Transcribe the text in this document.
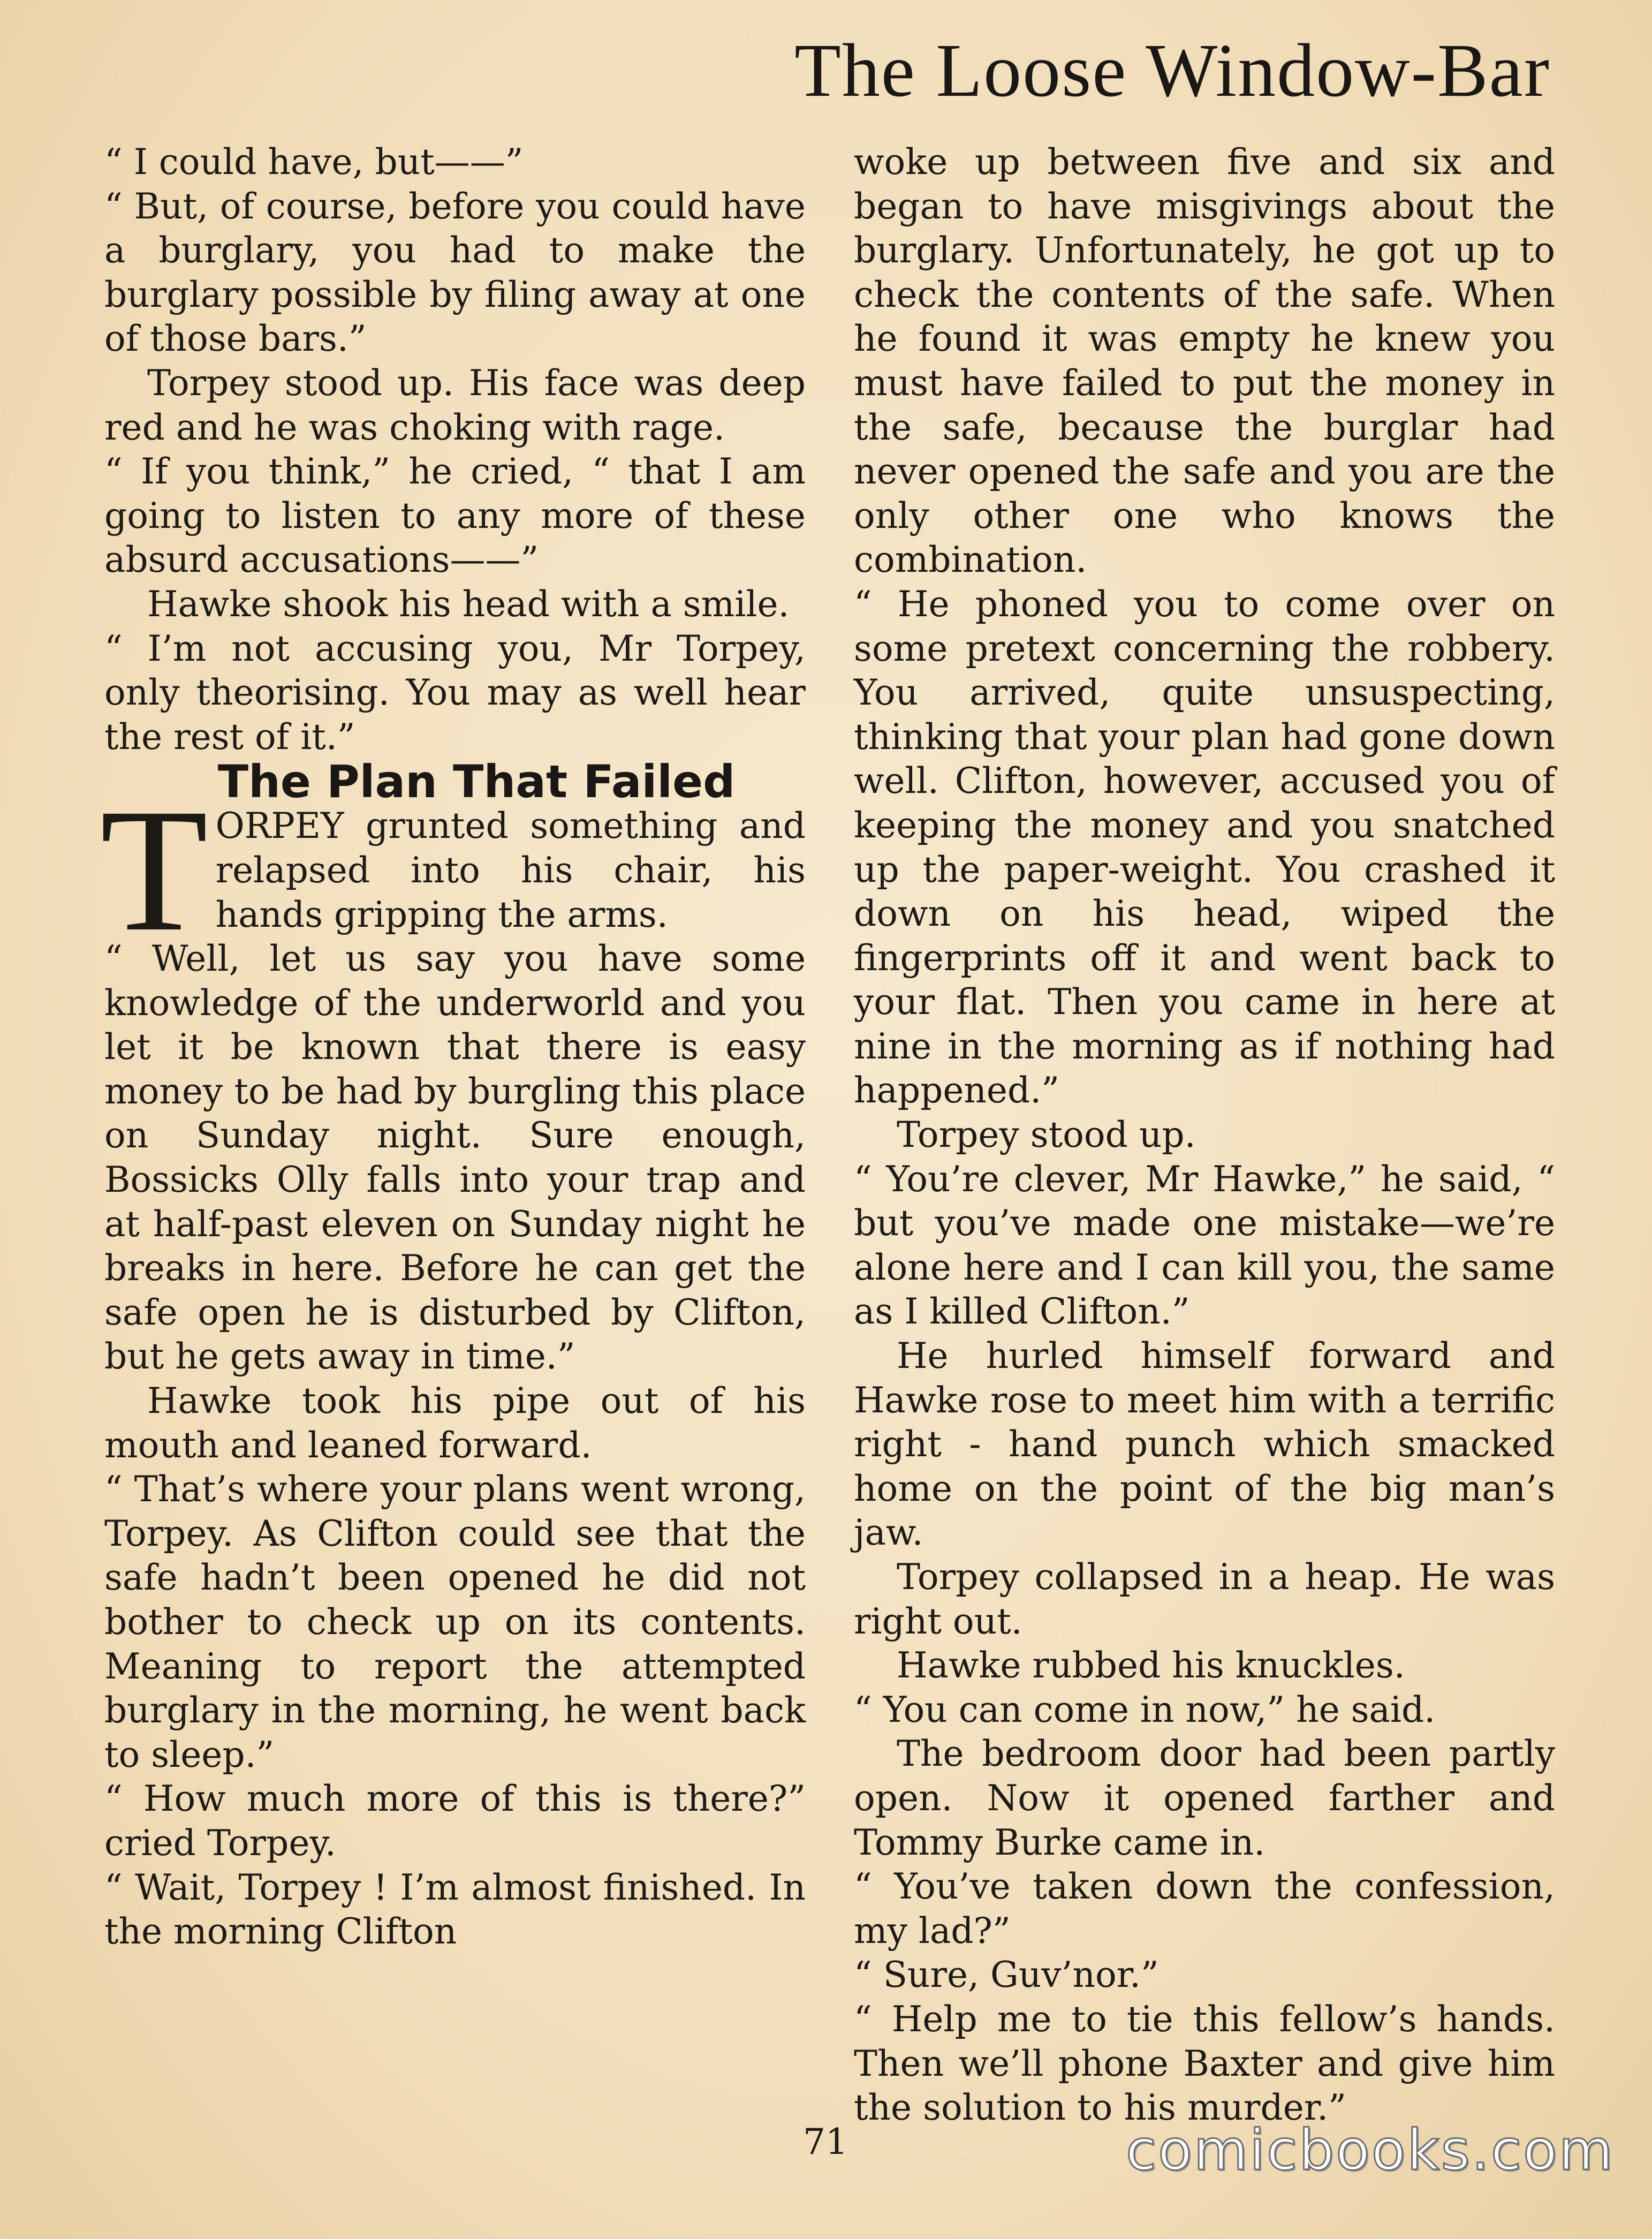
The Loose Window-Bar

“ I could have, but——”

“ But, of course, before you could have a burglary, you had to make the burglary possible by filing away at one of those bars.”

Torpey stood up. His face was deep red and he was choking with rage.

“ If you think,” he cried, “ that I am going to listen to any more of these absurd accusations——”

Hawke shook his head with a smile.

“ I’m not accusing you, Mr Torpey, only theorising. You may as well hear the rest of it.”

The Plan That Failed

TORPEY grunted something and relapsed into his chair, his hands gripping the arms.

“ Well, let us say you have some knowledge of the underworld and you let it be known that there is easy money to be had by burgling this place on Sunday night. Sure enough, Bossicks Olly falls into your trap and at half-past eleven on Sunday night he breaks in here. Before he can get the safe open he is disturbed by Clifton, but he gets away in time.”

Hawke took his pipe out of his mouth and leaned forward.

“ That’s where your plans went wrong, Torpey. As Clifton could see that the safe hadn’t been opened he did not bother to check up on its contents. Meaning to report the attempted burglary in the morning, he went back to sleep.”

“ How much more of this is there?” cried Torpey.

“ Wait, Torpey ! I’m almost finished. In the morning Clifton

woke up between five and six and began to have misgivings about the burglary. Unfortunately, he got up to check the contents of the safe. When he found it was empty he knew you must have failed to put the money in the safe, because the burglar had never opened the safe and you are the only other one who knows the combination.

“ He phoned you to come over on some pretext concerning the robbery. You arrived, quite unsuspecting, thinking that your plan had gone down well. Clifton, however, accused you of keeping the money and you snatched up the paper-weight. You crashed it down on his head, wiped the fingerprints off it and went back to your flat. Then you came in here at nine in the morning as if nothing had happened.”

Torpey stood up.

“ You’re clever, Mr Hawke,” he said, “ but you’ve made one mistake—we’re alone here and I can kill you, the same as I killed Clifton.”

He hurled himself forward and Hawke rose to meet him with a terrific right - hand punch which smacked home on the point of the big man’s jaw.

Torpey collapsed in a heap. He was right out.

Hawke rubbed his knuckles.

“ You can come in now,” he said.

The bedroom door had been partly open. Now it opened farther and Tommy Burke came in.

“ You’ve taken down the confession, my lad?”

“ Sure, Guv’nor.”

“ Help me to tie this fellow’s hands. Then we’ll phone Baxter and give him the solution to his murder.”

71	comicbooks.com
